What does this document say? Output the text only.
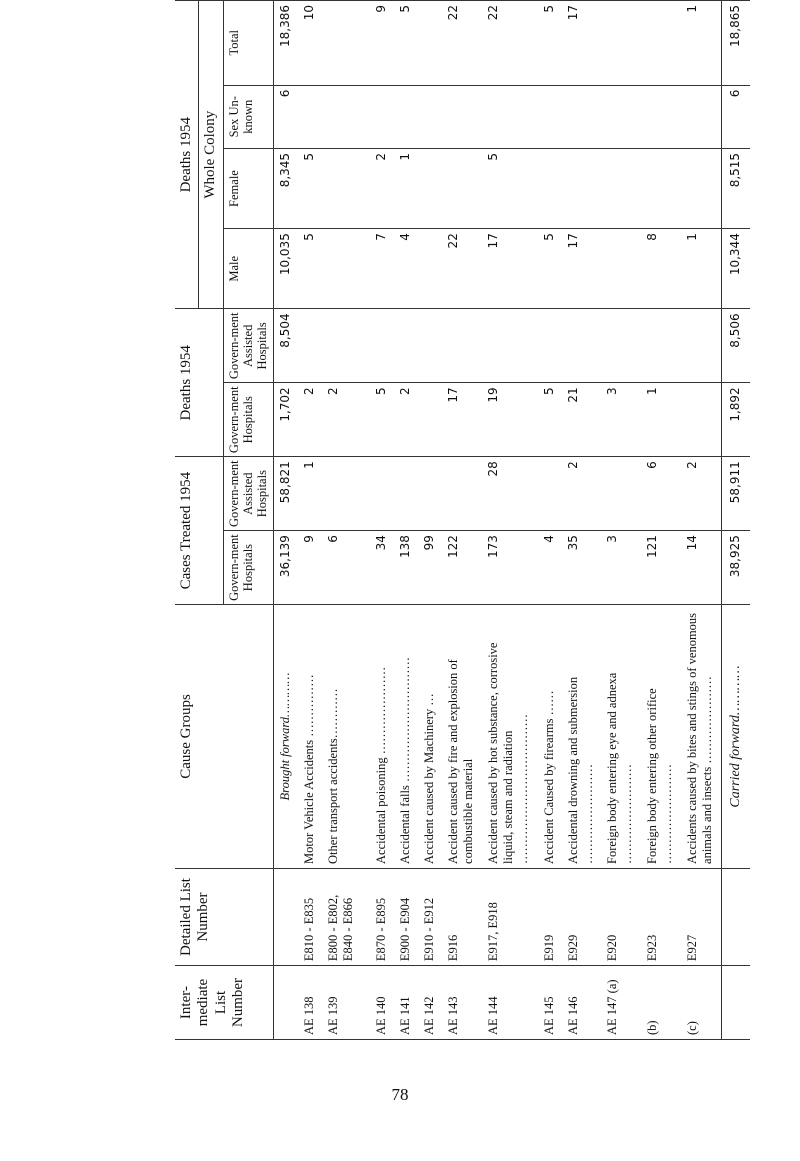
Inter-mediate List Number	Detailed List Number	Cause Groups	Cases Treated 1954		Deaths 1954		Deaths 1954			
							Whole Colony			
			Govern-ment Hospitals	Govern-ment Assisted Hospitals	Govern-ment Hospitals	Govern-ment Assisted Hospitals	Male	Female	Sex Un-known	Total
		Brought forward…………	36,139	58,821	1,702	8,504	10,035	8,345	6	18,386
AE 138	E810 - E835	Motor Vehicle Accidents ……………	9	1	2		5	5		10
AE 139	E800 - E802, E840 - E866	Other transport accidents…………	6		2					

AE 140	E870 - E895	Accidental poisoning …………………	34		5		7	2		9
AE 141	E900 - E904	Accidental falls …………………………	138		2		4	1		5
AE 142	E910 - E912	Accident caused by Machinery …	99							
AE 143	E916	Accident caused by fire and explosion of combustible material	122		17		22			22
AE 144	E917, E918	Accident caused by hot substance, corrosive liquid, steam and radiation ………………………………	173	28	19		17	5		22
AE 145	E919	Accident Caused by firearms ……	4		5		5			5
AE 146	E929	Accidental drowning and submersion ……………………	35	2	21		17			17
AE 147 (a)	E920	Foreign body entering eye and adnexa ……………………	3		3					
(b)	E923	Foreign body entering other orifice ……………………	121	6	1		8			
(c)	E927	Accidents caused by bites and stings of venomous animals and insects …………………	14	2			1			1
		Carried forward…………	38,925	58,911	1,892	8,506	10,344	8,515	6	18,865
78
